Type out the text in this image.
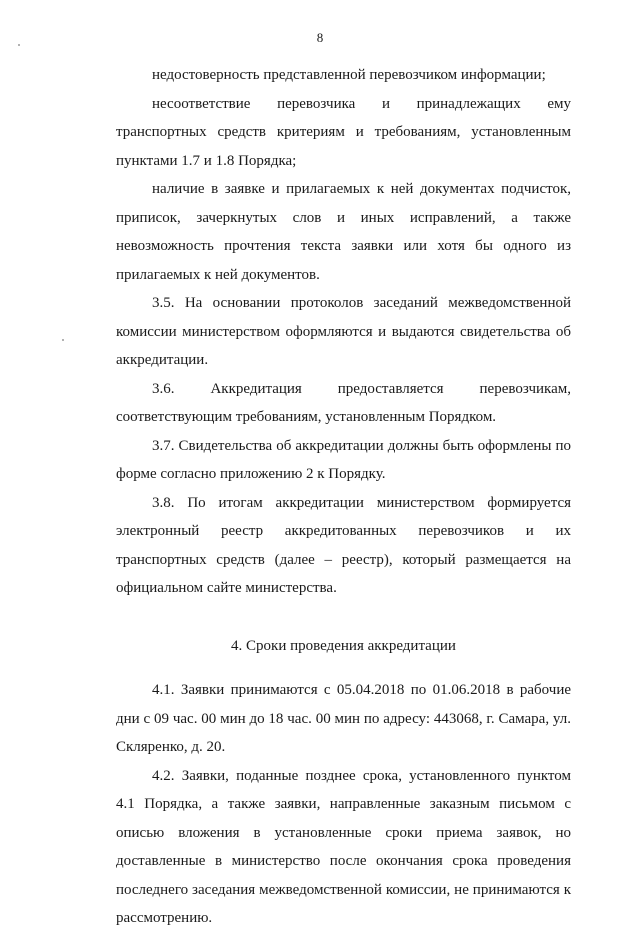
8

недостоверность представленной перевозчиком информации;

несоответствие перевозчика и принадлежащих ему транспортных средств критериям и требованиям, установленным пунктами 1.7 и 1.8 Порядка;

наличие в заявке и прилагаемых к ней документах подчисток, приписок, зачеркнутых слов и иных исправлений, а также невозможность прочтения текста заявки или хотя бы одного из прилагаемых к ней документов.

3.5. На основании протоколов заседаний межведомственной комиссии министерством оформляются и выдаются свидетельства об аккредитации.

3.6. Аккредитация предоставляется перевозчикам, соответствующим требованиям, установленным Порядком.

3.7. Свидетельства об аккредитации должны быть оформлены по форме согласно приложению 2 к Порядку.

3.8. По итогам аккредитации министерством формируется электронный реестр аккредитованных перевозчиков и их транспортных средств (далее – реестр), который размещается на официальном сайте министерства.

4. Сроки проведения аккредитации

4.1. Заявки принимаются с 05.04.2018 по 01.06.2018 в рабочие дни с 09 час. 00 мин до 18 час. 00 мин по адресу: 443068, г. Самара, ул. Скляренко, д. 20.

4.2. Заявки, поданные позднее срока, установленного пунктом 4.1 Порядка, а также заявки, направленные заказным письмом с описью вложения в установленные сроки приема заявок, но доставленные в министерство после окончания срока проведения последнего заседания межведомственной комиссии, не принимаются к рассмотрению.
